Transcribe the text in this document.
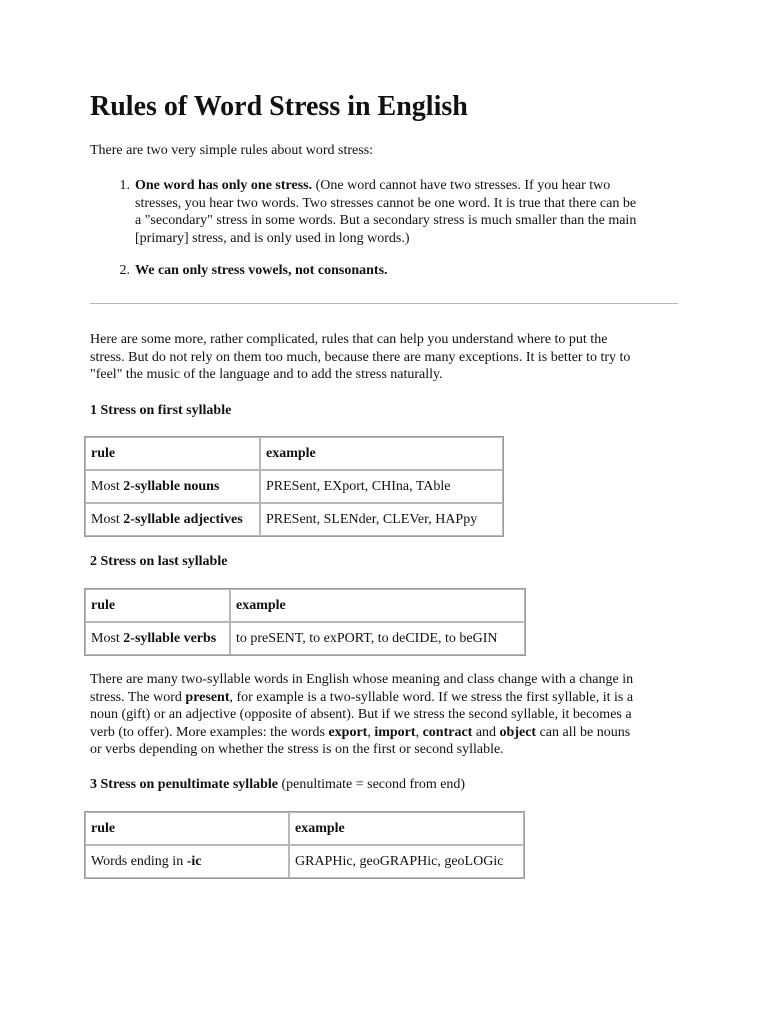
Rules of Word Stress in English

There are two very simple rules about word stress:

1. One word has only one stress. (One word cannot have two stresses. If you hear two
stresses, you hear two words. Two stresses cannot be one word. It is true that there can be
a "secondary" stress in some words. But a secondary stress is much smaller than the main
[primary] stress, and is only used in long words.)
2. We can only stress vowels, not consonants.

Here are some more, rather complicated, rules that can help you understand where to put the
stress. But do not rely on them too much, because there are many exceptions. It is better to try to
"feel" the music of the language and to add the stress naturally.

1 Stress on first syllable

rule	example
Most 2-syllable nouns	PRESent, EXport, CHIna, TAble
Most 2-syllable adjectives	PRESent, SLENder, CLEVer, HAPpy

2 Stress on last syllable

rule	example
Most 2-syllable verbs	to preSENT, to exPORT, to deCIDE, to beGIN

There are many two-syllable words in English whose meaning and class change with a change in
stress. The word present, for example is a two-syllable word. If we stress the first syllable, it is a
noun (gift) or an adjective (opposite of absent). But if we stress the second syllable, it becomes a
verb (to offer). More examples: the words export, import, contract and object can all be nouns
or verbs depending on whether the stress is on the first or second syllable.

3 Stress on penultimate syllable (penultimate = second from end)

rule	example
Words ending in -ic	GRAPHic, geoGRAPHic, geoLOGic
